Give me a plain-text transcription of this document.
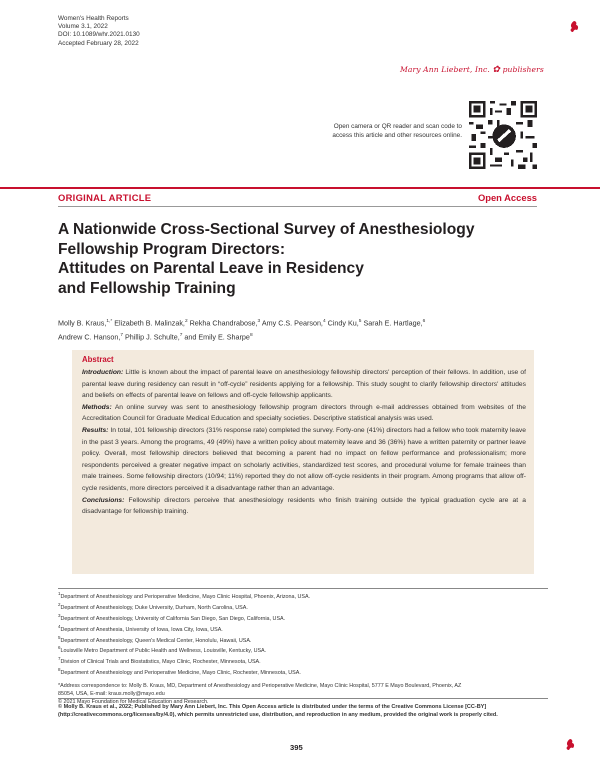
Women's Health Reports
Volume 3.1, 2022
DOI: 10.1089/whr.2021.0130
Accepted February 28, 2022
Mary Ann Liebert, Inc. ✿ publishers
Open camera or QR reader and scan code to access this article and other resources online.
ORIGINAL ARTICLE	Open Access
A Nationwide Cross-Sectional Survey of Anesthesiology
Fellowship Program Directors:
Attitudes on Parental Leave in Residency
and Fellowship Training
Molly B. Kraus,$^{1,*}$ Elizabeth B. Malinzak,$^2$ Rekha Chandrabose,$^3$ Amy C.S. Pearson,$^4$ Cindy Ku,$^5$ Sarah E. Hartlage,$^6$
Andrew C. Hanson,$^7$ Phillip J. Schulte,$^7$ and Emily E. Sharpe$^8$
Abstract
Introduction: Little is known about the impact of parental leave on anesthesiology fellowship directors' perception of their fellows. In addition, use of parental leave during residency can result in “off-cycle” residents applying for a fellowship. This study sought to clarify fellowship directors' attitudes and beliefs on effects of parental leave on fellows and off-cycle fellowship applicants.
Methods: An online survey was sent to anesthesiology fellowship program directors through e-mail addresses obtained from websites of the Accreditation Council for Graduate Medical Education and specialty societies. Descriptive statistical analysis was used.
Results: In total, 101 fellowship directors (31% response rate) completed the survey. Forty-one (41%) directors had a fellow who took maternity leave in the past 3 years. Among the programs, 49 (49%) have a written policy about maternity leave and 36 (36%) have a written paternity or partner leave policy. Overall, most fellowship directors believed that becoming a parent had no impact on fellow performance and professionalism; more respondents perceived a greater negative impact on scholarly activities, standardized test scores, and procedural volume for female trainees than male trainees. Some fellowship directors (10/94; 11%) reported they do not allow off-cycle residents in their program. Among programs that allow off-cycle residents, more directors perceived it a disadvantage rather than an advantage.
Conclusions: Fellowship directors perceive that anesthesiology residents who finish training outside the typical graduation cycle are at a disadvantage for fellowship training.
$^1$Department of Anesthesiology and Perioperative Medicine, Mayo Clinic Hospital, Phoenix, Arizona, USA.
$^2$Department of Anesthesiology, Duke University, Durham, North Carolina, USA.
$^3$Department of Anesthesiology, University of California San Diego, San Diego, California, USA.
$^4$Department of Anesthesia, University of Iowa, Iowa City, Iowa, USA.
$^5$Department of Anesthesiology, Queen's Medical Center, Honolulu, Hawaii, USA.
$^6$Louisville Metro Department of Public Health and Wellness, Louisville, Kentucky, USA.
$^7$Division of Clinical Trials and Biostatistics, Mayo Clinic, Rochester, Minnesota, USA.
$^8$Department of Anesthesiology and Perioperative Medicine, Mayo Clinic, Rochester, Minnesota, USA.
*Address correspondence to: Molly B. Kraus, MD, Department of Anesthesiology and Perioperative Medicine, Mayo Clinic Hospital, 5777 E Mayo Boulevard, Phoenix, AZ
85054, USA, E-mail: kraus.molly@mayo.edu
© 2021 Mayo Foundation for Medical Education and Research.
© Molly B. Kraus et al., 2022; Published by Mary Ann Liebert, Inc. This Open Access article is distributed under the terms of the Creative Commons License [CC-BY] (http://creativecommons.org/licenses/by/4.0), which permits unrestricted use, distribution, and reproduction in any medium, provided the original work is properly cited.
395
